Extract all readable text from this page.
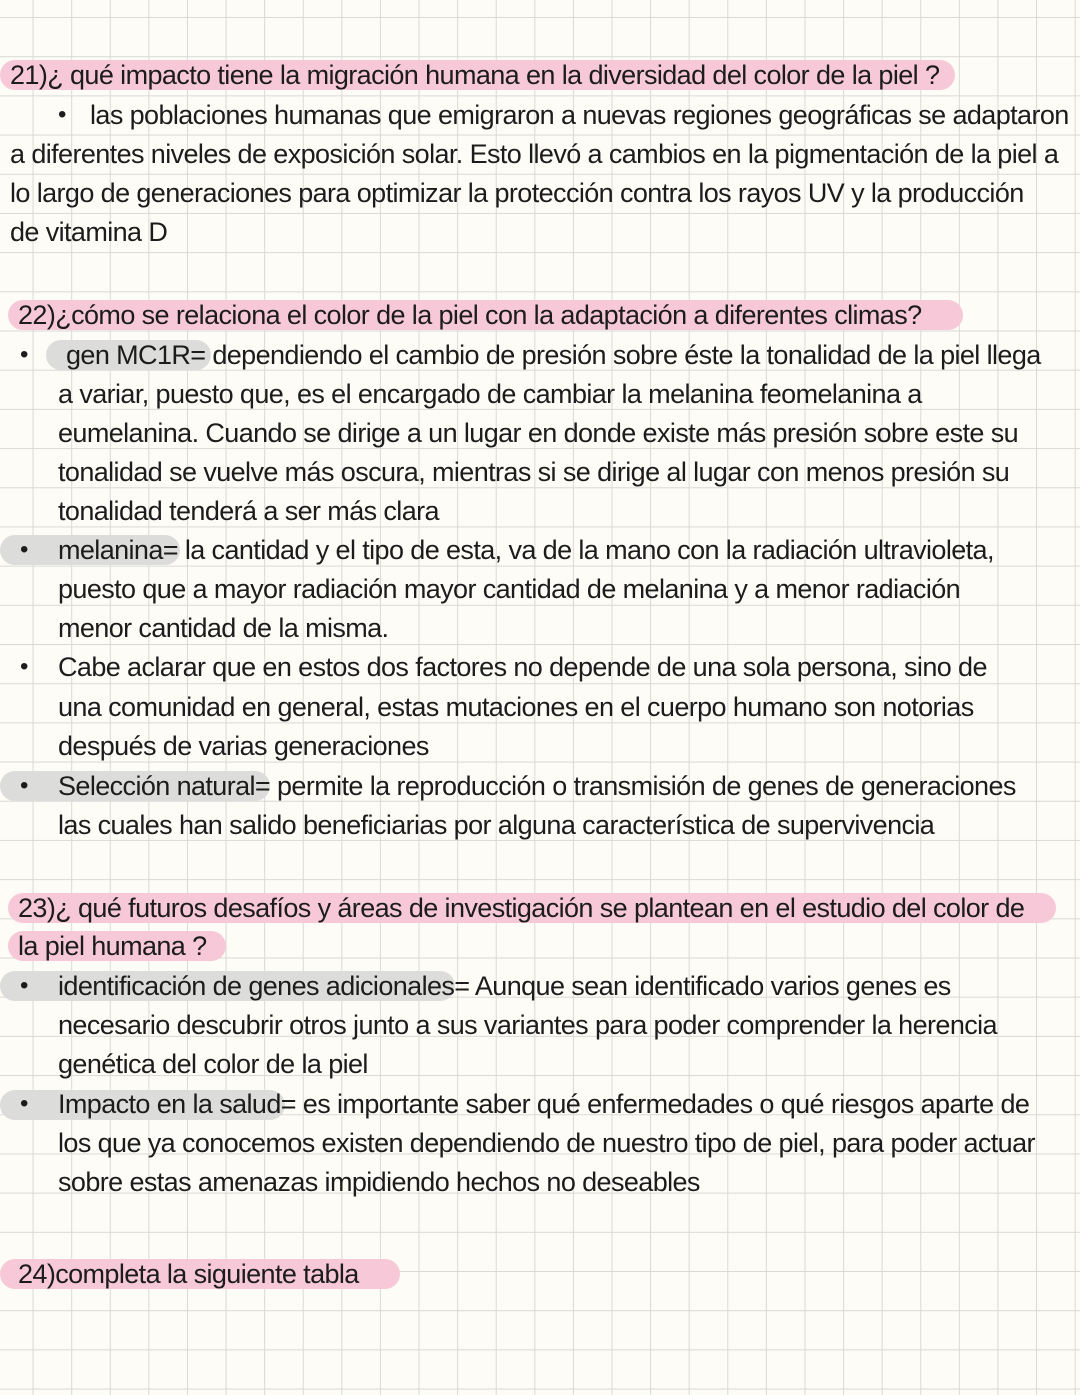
21)¿ qué impacto tiene la migración humana en la diversidad del color de la piel ?
las poblaciones humanas que emigraron a nuevas regiones geográficas se adaptaron
a diferentes niveles de exposición solar. Esto llevó a cambios en la pigmentación de la piel a
lo largo de generaciones para optimizar la protección contra los rayos UV y la producción
de vitamina D
•
22)¿cómo se relaciona el color de la piel con la adaptación a diferentes climas?
gen MC1R= dependiendo el cambio de presión sobre éste la tonalidad de la piel llega
a variar, puesto que, es el encargado de cambiar la melanina feomelanina a
eumelanina. Cuando se dirige a un lugar en donde existe más presión sobre este su
tonalidad se vuelve más oscura, mientras si se dirige al lugar con menos presión su
tonalidad tenderá a ser más clara
melanina= la cantidad y el tipo de esta, va de la mano con la radiación ultravioleta,
puesto que a mayor radiación mayor cantidad de melanina y a menor radiación
menor cantidad de la misma.
Cabe aclarar que en estos dos factores no depende de una sola persona, sino de
una comunidad en general, estas mutaciones en el cuerpo humano son notorias
después de varias generaciones
Selección natural= permite la reproducción o transmisión de genes de generaciones
las cuales han salido beneficiarias por alguna característica de supervivencia
•
•
•
•
23)¿ qué futuros desafíos y áreas de investigación se plantean en el estudio del color de
la piel humana ?
identificación de genes adicionales= Aunque sean identificado varios genes es
necesario descubrir otros junto a sus variantes para poder comprender la herencia
genética del color de la piel
Impacto en la salud= es importante saber qué enfermedades o qué riesgos aparte de
los que ya conocemos existen dependiendo de nuestro tipo de piel, para poder actuar
sobre estas amenazas impidiendo hechos no deseables
•
•
24)completa la siguiente tabla
